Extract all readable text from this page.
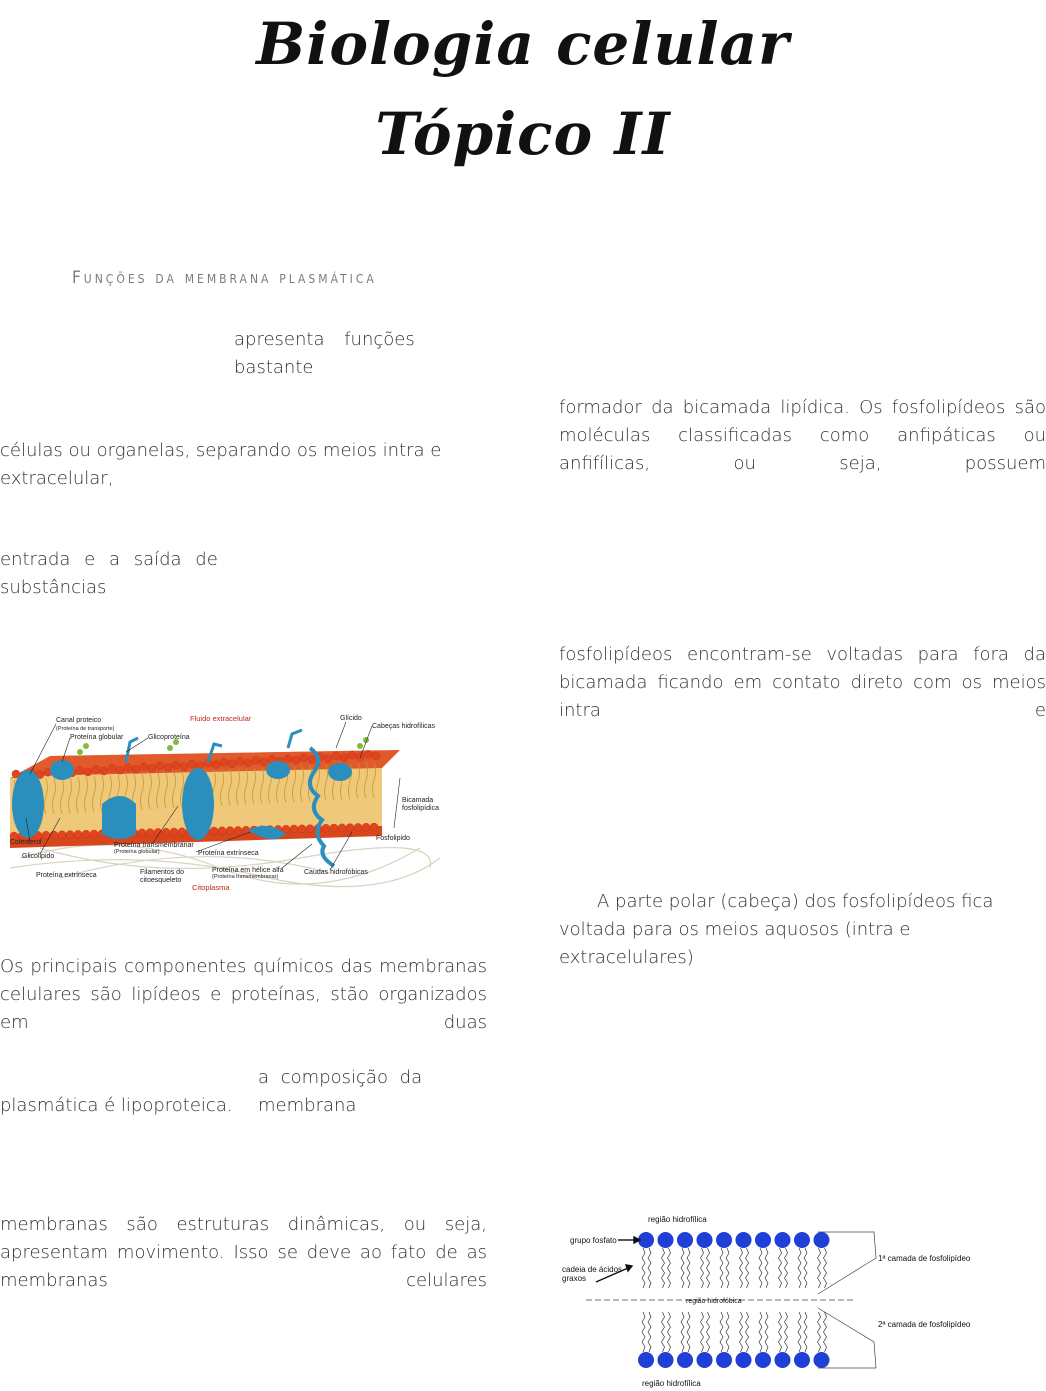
Biologia celular
Tópico II
Funções da membrana plasmática
apresenta funções bastante
células ou organelas, separando os meios intra e extracelular,
entrada e a saída de substâncias
Fluido extracelular
Citoplasma
Canal proteico
(Proteína de transporte)
Proteína globular	Glicoproteína
Glícido
Cabeças hidrofílicas
Bicamada
fosfolipídica
Fosfolipido
Colesterol
Glicolipido
Proteína transmembranar
(Proteína globular)	Proteína extrínseca
Proteína extrínseca	Filamentos do
citoesqueleto
Proteína em hélice alfa
(Proteína transmembranar)
Caudas hidrofóbicas
Os principais componentes químicos das membranas celulares são lipídeos e proteínas, stão organizados em duas
a composição da membrana
plasmática é lipoproteica.
membranas são estruturas dinâmicas, ou seja, apresentam movimento. Isso se deve ao fato de as membranas celulares
formador da bicamada lipídica. Os fosfolipídeos são moléculas classificadas como anfipáticas ou anfifílicas, ou seja, possuem
fosfolipídeos encontram-se voltadas para fora da bicamada ficando em contato direto com os meios intra e
A parte polar (cabeça) dos fosfolipídeos fica voltada para os meios aquosos (intra e extracelulares)
região hidrofílica
grupo fosfato
cadeia de ácidos
graxos
região hidrofóbica
1ª camada de fosfolipídeo
2ª camada de fosfolipídeo
região hidrofílica
